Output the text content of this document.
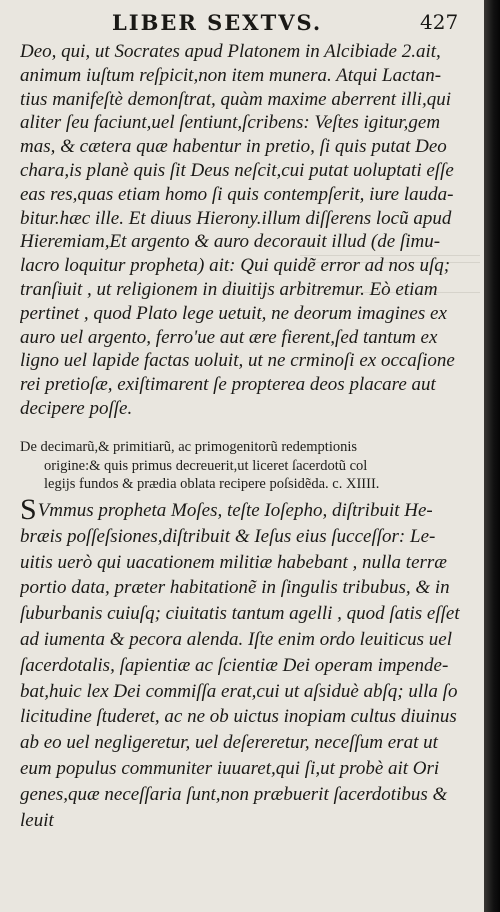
LIBER SEXTVS.	427
Deo, qui, ut Socrates apud Platonem in Alcibiade 2.ait,
animum iuſtum reſpicit,non item munera. Atqui Lactan-
tius manifeſtè demonſtrat, quàm maxime aberrent illi,qui
aliter ſeu faciunt,uel ſentiunt,ſcribens: Veſtes igitur,gem
mas, & cætera quæ habentur in pretio, ſi quis putat Deo
chara,is planè quis ſit Deus neſcit,cui putat uoluptati eſſe
eas res,quas etiam homo ſi quis contempſerit, iure lauda-
bitur.hæc ille. Et diuus Hierony.illum diſſerens locũ apud
Hieremiam,Et argento & auro decorauit illud (de ſimu-
lacro loquitur propheta) ait: Qui quidẽ error ad nos uſq;
tranſiuit , ut religionem in diuitijs arbitremur. Eò etiam
pertinet , quod Plato lege uetuit, ne deorum imagines ex
auro uel argento, ferro'ue aut ære fierent,ſed tantum ex
ligno uel lapide factas uoluit, ut ne crminoſi ex occaſione
rei pretioſæ, exiſtimarent ſe propterea deos placare aut
decipere poſſe.
De decimarũ,& primitiarũ, ac primogenitorũ redemptionis
origine:& quis primus decreuerit,ut liceret ſacerdotũ col
legijs fundos & prædia oblata recipere poſsidẽda. c. XIIII.
SVmmus propheta Moſes, teſte Ioſepho, diſtribuit He-
bræis poſſeſsiones,diſtribuit & Ieſus eius ſucceſſor: Le-
uitis uerò qui uacationem militiæ habebant , nulla terræ
portio data, præter habitationẽ in ſingulis tribubus, & in
ſuburbanis cuiuſq; ciuitatis tantum agelli , quod ſatis eſſet
ad iumenta & pecora alenda. Iſte enim ordo leuiticus uel
ſacerdotalis, ſapientiæ ac ſcientiæ Dei operam impende-
bat,huic lex Dei commiſſa erat,cui ut aſsiduè abſq; ulla ſo
licitudine ſtuderet, ac ne ob uictus inopiam cultus diuinus
ab eo uel negligeretur, uel deſereretur, neceſſum erat ut
eum populus communiter iuuaret,qui ſi,ut probè ait Ori
genes,quæ neceſſaria ſunt,non præbuerit ſacerdotibus &
leuit
